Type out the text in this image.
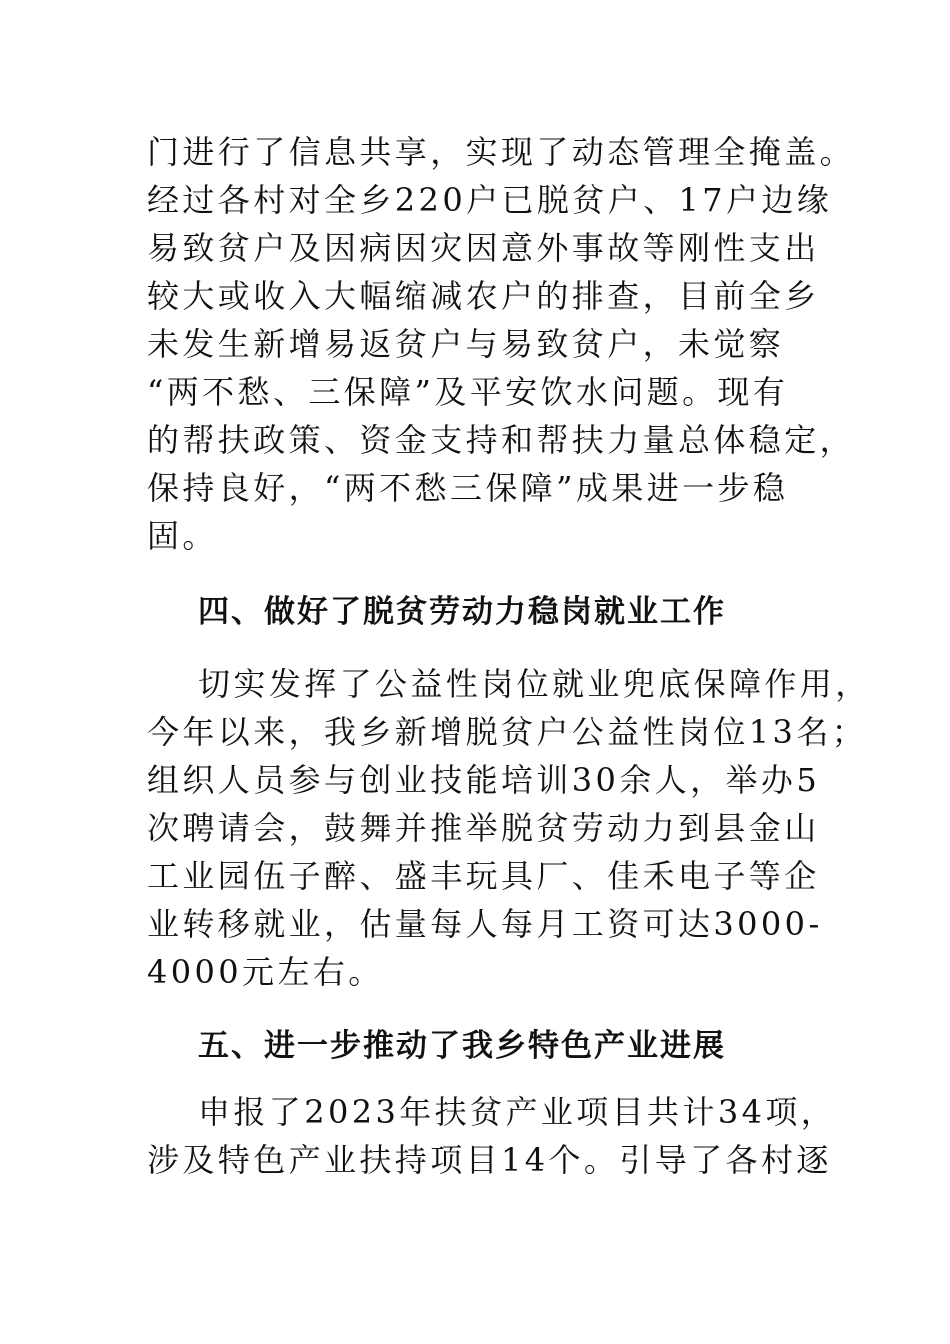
门进行了信息共享，实现了动态管理全掩盖。
经过各村对全乡220户已脱贫户、17户边缘
易致贫户及因病因灾因意外事故等刚性支出
较大或收入大幅缩减农户的排查，目前全乡
未发生新增易返贫户与易致贫户，未觉察
“两不愁、三保障”及平安饮水问题。现有
的帮扶政策、资金支持和帮扶力量总体稳定，
保持良好，“两不愁三保障”成果进一步稳
固。
四、做好了脱贫劳动力稳岗就业工作
切实发挥了公益性岗位就业兜底保障作用，
今年以来，我乡新增脱贫户公益性岗位13名；
组织人员参与创业技能培训30余人，举办5
次聘请会，鼓舞并推举脱贫劳动力到县金山
工业园伍子醉、盛丰玩具厂、佳禾电子等企
业转移就业，估量每人每月工资可达3000-
4000元左右。
五、进一步推动了我乡特色产业进展
申报了2023年扶贫产业项目共计34项，
涉及特色产业扶持项目14个。引导了各村逐
